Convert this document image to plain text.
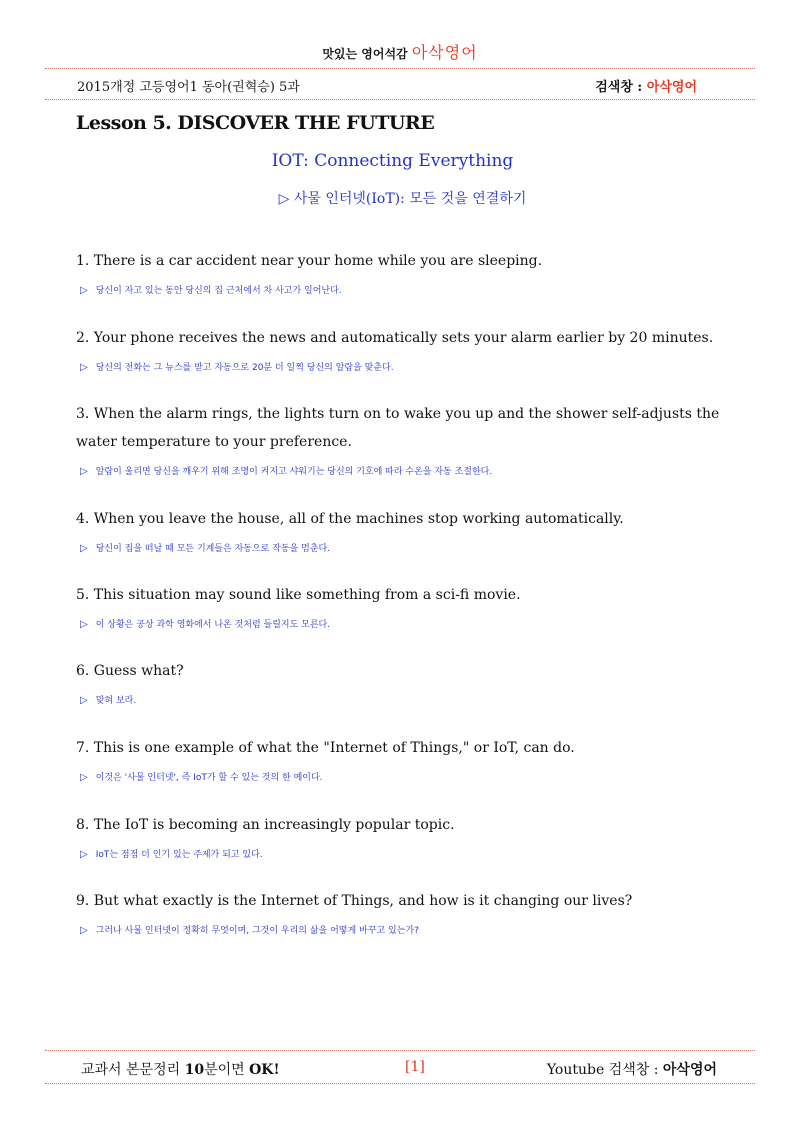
맛있는 영어석감 아삭영어
2015개정 고등영어1 동아(권혁승) 5과	검색창 : 아삭영어
Lesson 5. DISCOVER THE FUTURE
IOT: Connecting Everything
▷ 사물 인터넷(IoT): 모든 것을 연결하기
1. There is a car accident near your home while you are sleeping.
▷ 당신이 자고 있는 동안 당신의 집 근처에서 차 사고가 일어난다.
2. Your phone receives the news and automatically sets your alarm earlier by 20 minutes.
▷ 당신의 전화는 그 뉴스를 받고 자동으로 20분 더 일찍 당신의 알람을 맞춘다.
3. When the alarm rings, the lights turn on to wake you up and the shower self-adjusts the water temperature to your preference.
▷ 알람이 울리면 당신을 깨우기 위해 조명이 켜지고 샤워기는 당신의 기호에 따라 수온을 자동 조절한다.
4. When you leave the house, all of the machines stop working automatically.
▷ 당신이 집을 떠날 때 모든 기계들은 자동으로 작동을 멈춘다.
5. This situation may sound like something from a sci-fi movie.
▷ 이 상황은 공상 과학 영화에서 나온 것처럼 들릴지도 모른다.
6. Guess what?
▷ 맞혀 보라.
7. This is one example of what the "Internet of Things," or IoT, can do.
▷ 이것은 '사물 인터넷', 즉 IoT가 할 수 있는 것의 한 예이다.
8. The IoT is becoming an increasingly popular topic.
▷ IoT는 점점 더 인기 있는 주제가 되고 있다.
9. But what exactly is the Internet of Things, and how is it changing our lives?
▷ 그러나 사물 인터넷이 정확히 무엇이며, 그것이 우리의 삶을 어떻게 바꾸고 있는가?
교과서 본문정리 10분이면 OK!	[1]	Youtube 검색창 : 아삭영어
